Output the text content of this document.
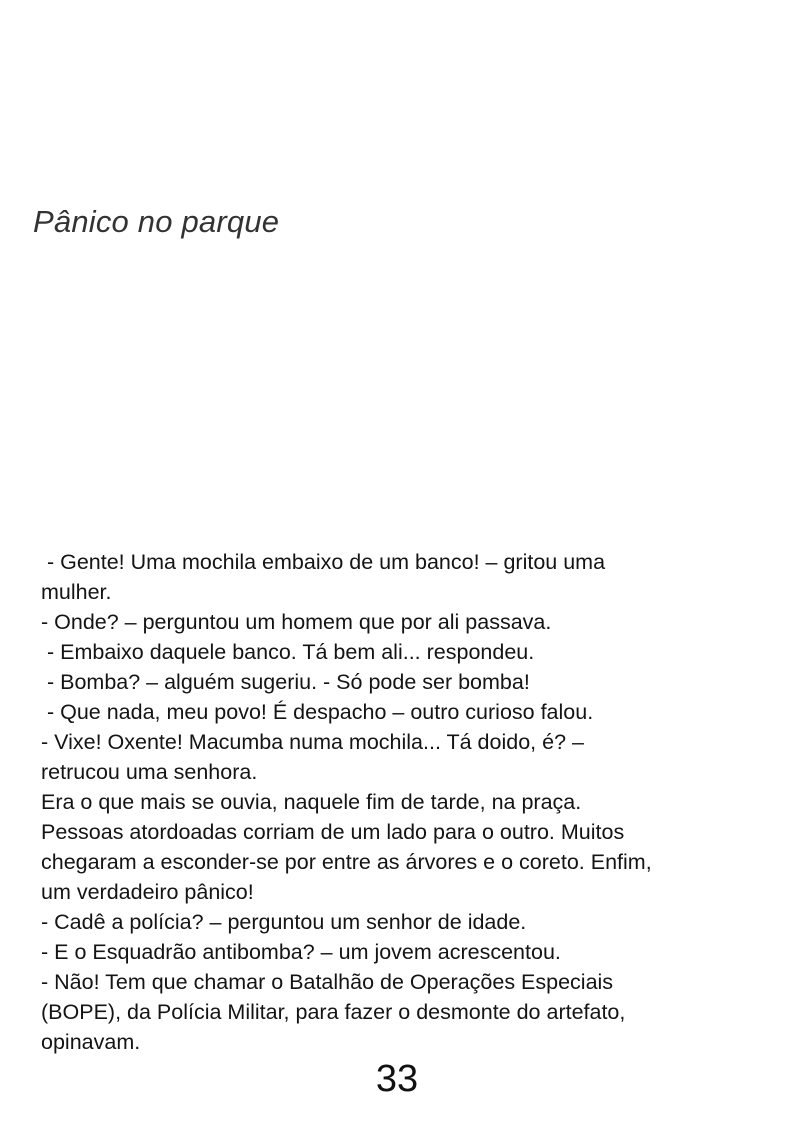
Pânico no parque
- Gente! Uma mochila embaixo de um banco! – gritou uma
mulher.
- Onde? – perguntou um homem que por ali passava.
- Embaixo daquele banco. Tá bem ali... respondeu.
- Bomba? – alguém sugeriu. - Só pode ser bomba!
- Que nada, meu povo! É despacho – outro curioso falou.
- Vixe! Oxente! Macumba numa mochila... Tá doido, é? –
retrucou uma senhora.
Era o que mais se ouvia, naquele fim de tarde, na praça.
Pessoas atordoadas corriam de um lado para o outro. Muitos
chegaram a esconder-se por entre as árvores e o coreto. Enfim,
um verdadeiro pânico!
- Cadê a polícia? – perguntou um senhor de idade.
- E o Esquadrão antibomba? – um jovem acrescentou.
- Não! Tem que chamar o Batalhão de Operações Especiais
(BOPE), da Polícia Militar, para fazer o desmonte do artefato,
opinavam.
33
